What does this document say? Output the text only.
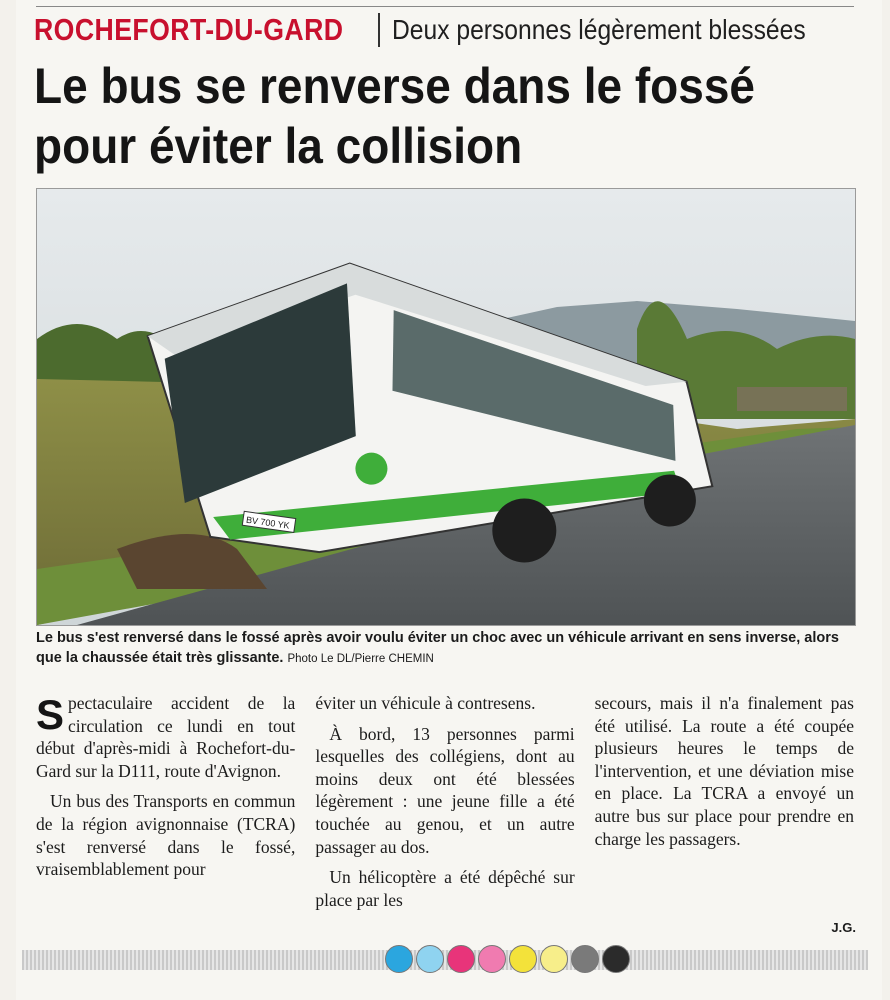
ROCHEFORT-DU-GARD	Deux personnes légèrement blessées
Le bus se renverse dans le fossé
pour éviter la collision
BV 700 YK
Le bus s'est renversé dans le fossé après avoir voulu éviter un choc avec un véhicule arrivant en sens inverse, alors que la chaussée était très glissante. Photo Le DL/Pierre CHEMIN

Spectaculaire accident de la circulation ce lundi en tout début d'après-midi à Rochefort-du-Gard sur la D111, route d'Avignon.

Un bus des Transports en commun de la région avignonnaise (TCRA) s'est renversé dans le fossé, vraisemblablement pour

éviter un véhicule à contresens.

À bord, 13 personnes parmi lesquelles des collégiens, dont au moins deux ont été blessées légèrement : une jeune fille a été touchée au genou, et un autre passager au dos.

Un hélicoptère a été dépêché sur place par les

secours, mais il n'a finalement pas été utilisé. La route a été coupée plusieurs heures le temps de l'intervention, et une déviation mise en place. La TCRA a envoyé un autre bus sur place pour prendre en charge les passagers.

J.G.
